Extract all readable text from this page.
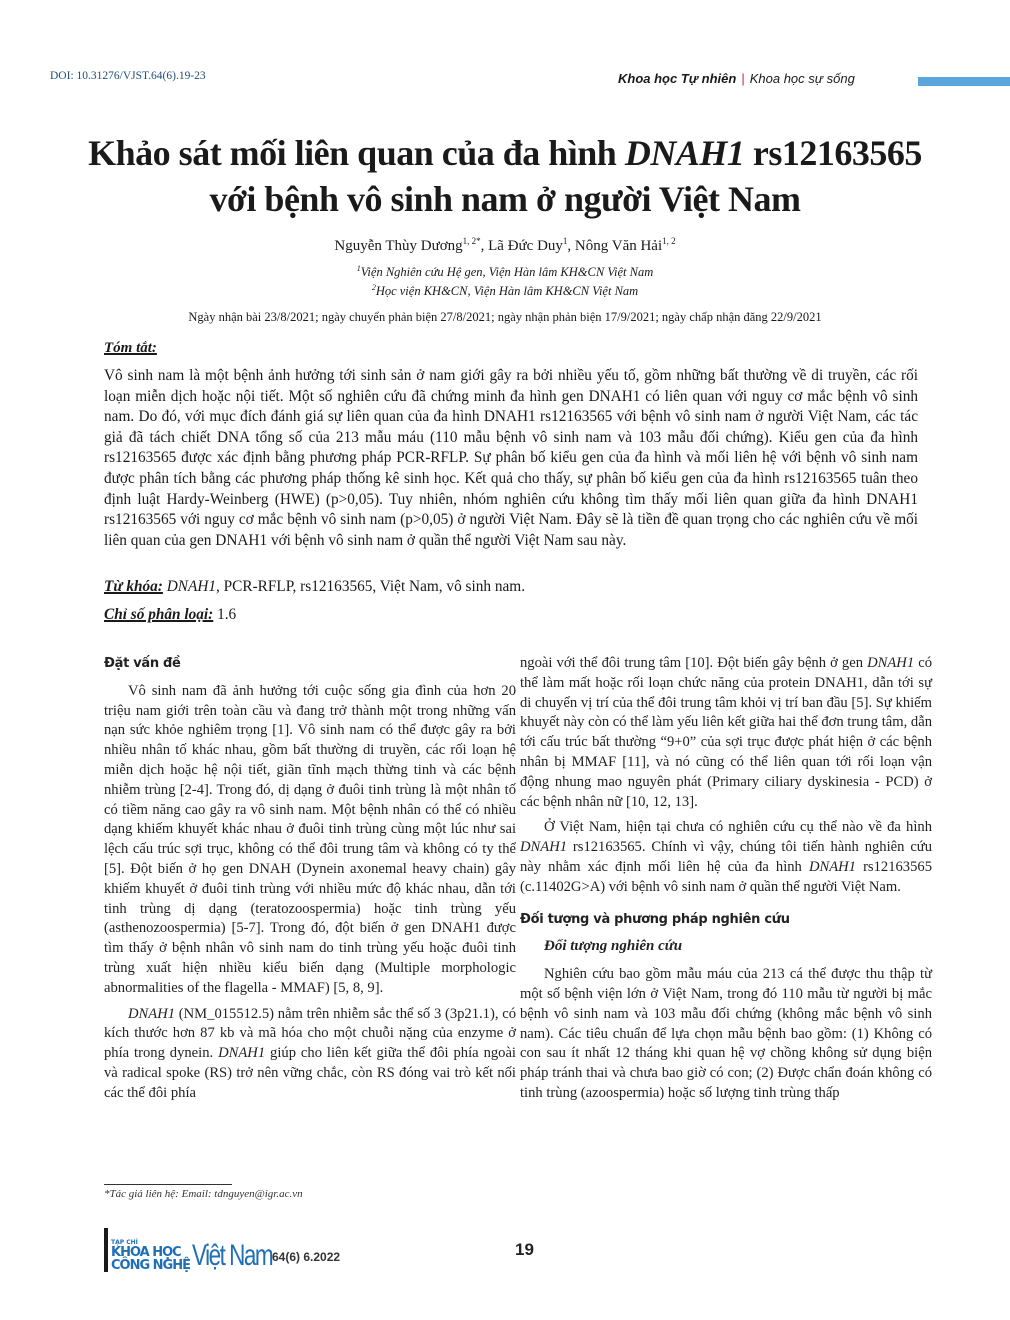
DOI: 10.31276/VJST.64(6).19-23	Khoa học Tự nhiên | Khoa học sự sống
Khảo sát mối liên quan của đa hình DNAH1 rs12163565
với bệnh vô sinh nam ở người Việt Nam
Nguyễn Thùy Dương$^{1, 2*}$, Lã Đức Duy$^1$, Nông Văn Hải$^{1, 2}$
$^1$Viện Nghiên cứu Hệ gen, Viện Hàn lâm KH&CN Việt Nam
$^2$Học viện KH&CN, Viện Hàn lâm KH&CN Việt Nam
Ngày nhận bài 23/8/2021; ngày chuyển phản biện 27/8/2021; ngày nhận phản biện 17/9/2021; ngày chấp nhận đăng 22/9/2021
Tóm tắt:
Vô sinh nam là một bệnh ảnh hưởng tới sinh sản ở nam giới gây ra bởi nhiều yếu tố, gồm những bất thường về di truyền, các rối loạn miễn dịch hoặc nội tiết. Một số nghiên cứu đã chứng minh đa hình gen DNAH1 có liên quan với nguy cơ mắc bệnh vô sinh nam. Do đó, với mục đích đánh giá sự liên quan của đa hình DNAH1 rs12163565 với bệnh vô sinh nam ở người Việt Nam, các tác giả đã tách chiết DNA tổng số của 213 mẫu máu (110 mẫu bệnh vô sinh nam và 103 mẫu đối chứng). Kiểu gen của đa hình rs12163565 được xác định bằng phương pháp PCR-RFLP. Sự phân bố kiểu gen của đa hình và mối liên hệ với bệnh vô sinh nam được phân tích bằng các phương pháp thống kê sinh học. Kết quả cho thấy, sự phân bố kiểu gen của đa hình rs12163565 tuân theo định luật Hardy-Weinberg (HWE) (p>0,05). Tuy nhiên, nhóm nghiên cứu không tìm thấy mối liên quan giữa đa hình DNAH1 rs12163565 với nguy cơ mắc bệnh vô sinh nam (p>0,05) ở người Việt Nam. Đây sẽ là tiền đề quan trọng cho các nghiên cứu về mối liên quan của gen DNAH1 với bệnh vô sinh nam ở quần thể người Việt Nam sau này.
Từ khóa: DNAH1, PCR-RFLP, rs12163565, Việt Nam, vô sinh nam.
Chỉ số phân loại: 1.6
Đặt vấn đề

Vô sinh nam đã ảnh hưởng tới cuộc sống gia đình của hơn 20 triệu nam giới trên toàn cầu và đang trở thành một trong những vấn nạn sức khỏe nghiêm trọng [1]. Vô sinh nam có thể được gây ra bởi nhiều nhân tố khác nhau, gồm bất thường di truyền, các rối loạn hệ miễn dịch hoặc hệ nội tiết, giãn tĩnh mạch thừng tinh và các bệnh nhiễm trùng [2-4]. Trong đó, dị dạng ở đuôi tinh trùng là một nhân tố có tiềm năng cao gây ra vô sinh nam. Một bệnh nhân có thể có nhiều dạng khiếm khuyết khác nhau ở đuôi tinh trùng cùng một lúc như sai lệch cấu trúc sợi trục, không có thể đôi trung tâm và không có ty thể [5]. Đột biến ở họ gen DNAH (Dynein axonemal heavy chain) gây khiếm khuyết ở đuôi tinh trùng với nhiều mức độ khác nhau, dẫn tới tinh trùng dị dạng (teratozoospermia) hoặc tinh trùng yếu (asthenozoospermia) [5-7]. Trong đó, đột biến ở gen DNAH1 được tìm thấy ở bệnh nhân vô sinh nam do tinh trùng yếu hoặc đuôi tinh trùng xuất hiện nhiều kiểu biến dạng (Multiple morphologic abnormalities of the flagella - MMAF) [5, 8, 9].

DNAH1 (NM_015512.5) nằm trên nhiễm sắc thể số 3 (3p21.1), có kích thước hơn 87 kb và mã hóa cho một chuỗi nặng của enzyme ở phía trong dynein. DNAH1 giúp cho liên kết giữa thể đôi phía ngoài và radical spoke (RS) trở nên vững chắc, còn RS đóng vai trò kết nối các thể đôi phía

ngoài với thể đôi trung tâm [10]. Đột biến gây bệnh ở gen DNAH1 có thể làm mất hoặc rối loạn chức năng của protein DNAH1, dẫn tới sự di chuyển vị trí của thể đôi trung tâm khỏi vị trí ban đầu [5]. Sự khiếm khuyết này còn có thể làm yếu liên kết giữa hai thể đơn trung tâm, dẫn tới cấu trúc bất thường “9+0” của sợi trục được phát hiện ở các bệnh nhân bị MMAF [11], và nó cũng có thể liên quan tới rối loạn vận động nhung mao nguyên phát (Primary ciliary dyskinesia - PCD) ở các bệnh nhân nữ [10, 12, 13].

Ở Việt Nam, hiện tại chưa có nghiên cứu cụ thể nào về đa hình DNAH1 rs12163565. Chính vì vậy, chúng tôi tiến hành nghiên cứu này nhằm xác định mối liên hệ của đa hình DNAH1 rs12163565 (c.11402G>A) với bệnh vô sinh nam ở quần thể người Việt Nam.

Đối tượng và phương pháp nghiên cứu
Đối tượng nghiên cứu

Nghiên cứu bao gồm mẫu máu của 213 cá thể được thu thập từ một số bệnh viện lớn ở Việt Nam, trong đó 110 mẫu từ người bị mắc bệnh vô sinh nam và 103 mẫu đối chứng (không mắc bệnh vô sinh nam). Các tiêu chuẩn để lựa chọn mẫu bệnh bao gồm: (1) Không có con sau ít nhất 12 tháng khi quan hệ vợ chồng không sử dụng biện pháp tránh thai và chưa bao giờ có con; (2) Được chẩn đoán không có tinh trùng (azoospermia) hoặc số lượng tinh trùng thấp

*Tác giả liên hệ: Email: tdnguyen@igr.ac.vn
TẠP CHÍ
KHOA HỌC
CÔNG NGHỆ Việt Nam 64(6) 6.2022	19
